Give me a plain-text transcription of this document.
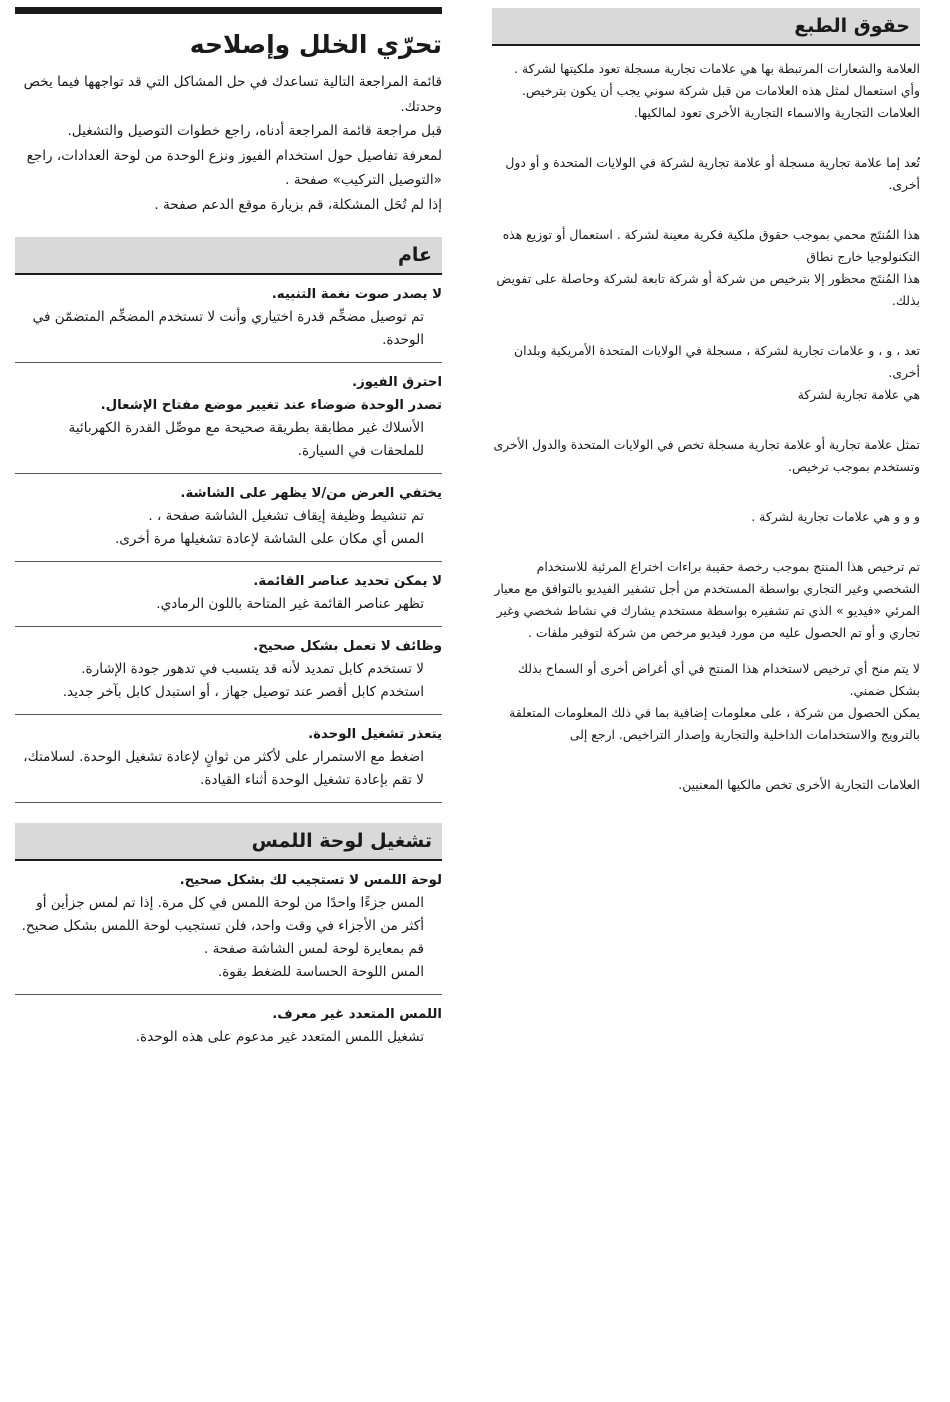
تحرّي الخلل وإصلاحه

قائمة المراجعة التالية تساعدك في حل المشاكل التي قد تواجهها فيما يخص وحدتك.

قبل مراجعة قائمة المراجعة أدناه، راجع خطوات التوصيل والتشغيل.

لمعرفة تفاصيل حول استخدام الفيوز ونزع الوحدة من لوحة العدادات، راجع «التوصيل التركيب» صفحة .

إذا لم تُحَل المشكلة، قم بزيارة موقع الدعم صفحة .

عام
لا يصدر صوت نغمة التنبيه.
تم توصيل مضخِّم قدرة اختياري وأنت لا تستخدم المضخِّم المتضمّن في الوحدة.
احترق الفيوز.
تصدر الوحدة ضوضاء عند تغيير موضع مفتاح الإشعال.
الأسلاك غير مطابقة بطريقة صحيحة مع موصِّل القدرة الكهربائية للملحقات في السيارة.
يختفي العرض من/لا يظهر على الشاشة.
تم تنشيط وظيفة إيقاف تشغيل الشاشة صفحة ، .
المس أي مكان على الشاشة لإعادة تشغيلها مرة أخرى.
لا يمكن تحديد عناصر القائمة.
تظهر عناصر القائمة غير المتاحة باللون الرمادي.
وظائف لا تعمل بشكل صحيح.
لا تستخدم كابل تمديد لأنه قد يتسبب في تدهور جودة الإشارة.
استخدم كابل أقصر عند توصيل جهاز ، أو استبدل كابل بآخر جديد.
يتعذر تشغيل الوحدة.
اضغط مع الاستمرار على لأكثر من ثوانٍ لإعادة تشغيل الوحدة. لسلامتك، لا تقم بإعادة تشغيل الوحدة أثناء القيادة.
تشغيل لوحة اللمس
لوحة اللمس لا تستجيب لك بشكل صحيح.
المس جزءًا واحدًا من لوحة اللمس في كل مرة. إذا تم لمس جزأين أو أكثر من الأجزاء في وقت واحد، فلن تستجيب لوحة اللمس بشكل صحيح.
قم بمعايرة لوحة لمس الشاشة صفحة .
المس اللوحة الحساسة للضغط بقوة.
اللمس المتعدد غير معرف.
تشغيل اللمس المتعدد غير مدعوم على هذه الوحدة.
حقوق الطبع

العلامة والشعارات المرتبطة بها هي علامات تجارية مسجلة تعود ملكيتها لشركة . وأي استعمال لمثل هذه العلامات من قبل شركة سوني يجب أن يكون بترخيص. العلامات التجارية والاسماء التجارية الأخرى تعود لمالكيها.

تُعد إما علامة تجارية مسجلة أو علامة تجارية لشركة في الولايات المتحدة و أو دول أخرى.

هذا المُنتَج محمي بموجب حقوق ملكية فكرية معينة لشركة . استعمال أو توزيع هذه التكنولوجيا خارج نطاق

هذا المُنتَج محظور إلا بترخيص من شركة أو شركة تابعة لشركة وحاصلة على تفويض بذلك.

تعد ، و ، و علامات تجارية لشركة ، مسجلة في الولايات المتحدة الأمريكية وبلدان أخرى.

هي علامة تجارية لشركة

تمثل علامة تجارية أو علامة تجارية مسجلة تخص في الولايات المتحدة والدول الأخرى وتستخدم بموجب ترخيص.

و و و هي علامات تجارية لشركة .

تم ترخيص هذا المنتج بموجب رخصة حقيبة براءات اختراع المرئية للاستخدام الشخصي وغير التجاري بواسطة المستخدم من أجل تشفير الفيديو بالتوافق مع معيار المرئي «فيديو » الذي تم تشفيره بواسطة مستخدم يشارك في نشاط شخصي وغير تجاري و أو تم الحصول عليه من مورد فيديو مرخص من شركة لتوفير ملفات .

لا يتم منح أي ترخيص لاستخدام هذا المنتج في أي أغراض أخرى أو السماح بذلك بشكل ضمني.

يمكن الحصول من شركة ، على معلومات إضافية بما في ذلك المعلومات المتعلقة بالترويج والاستخدامات الداخلية والتجارية وإصدار التراخيص. ارجع إلى

العلامات التجارية الأخرى تخص مالكيها المعنيين.
